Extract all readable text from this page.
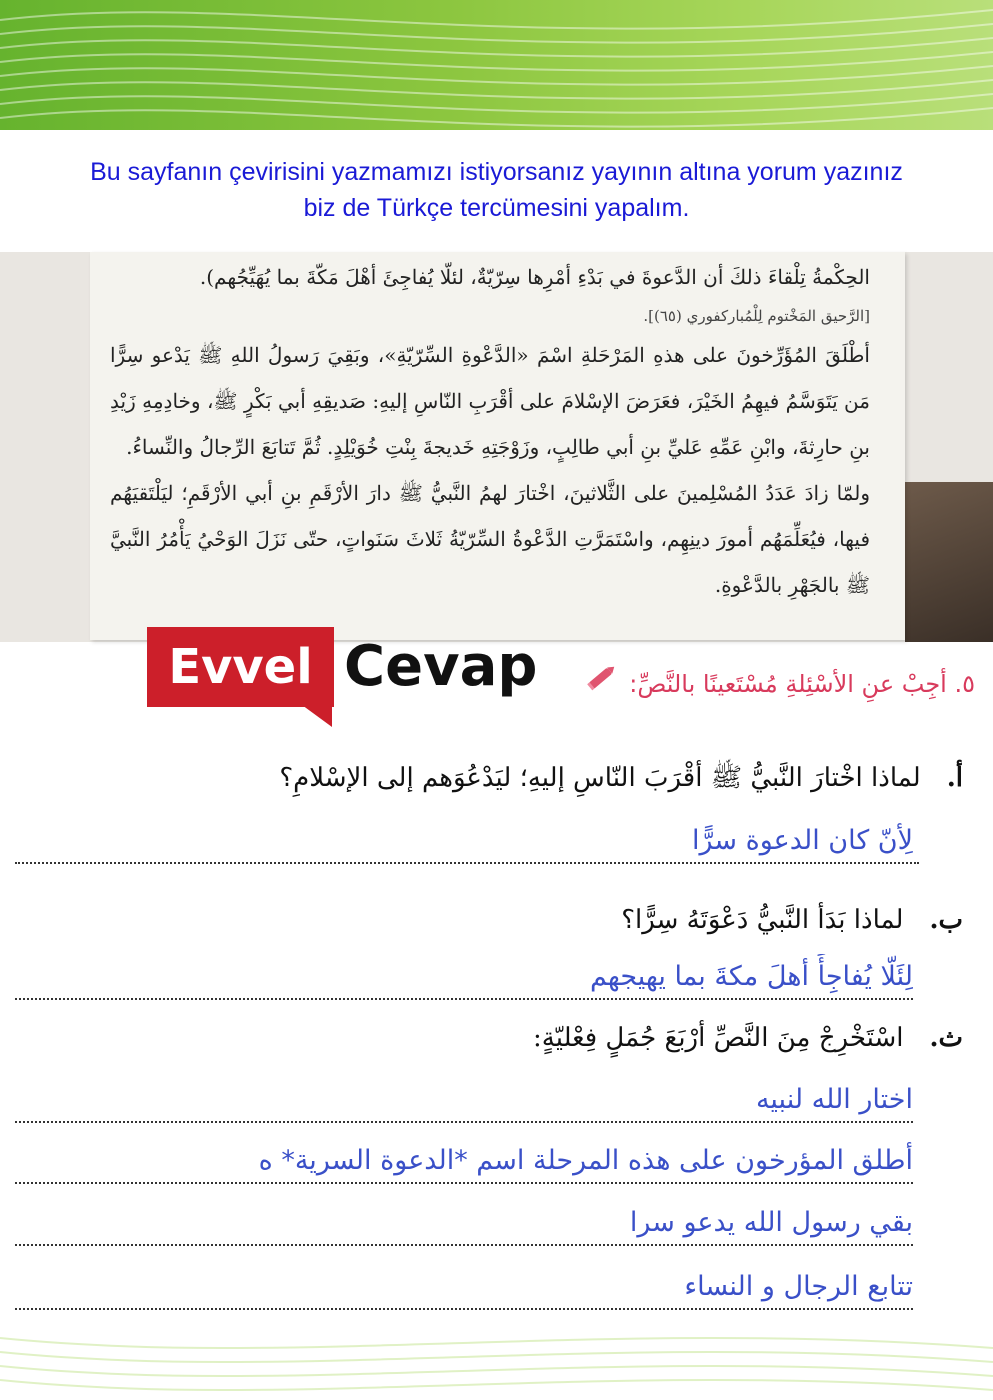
Bu sayfanın çevirisini yazmamızı istiyorsanız yayının altına yorum yazınız
biz de Türkçe tercümesini yapalım.

الحِكْمةُ تِلْقاءَ ذلكَ أن الدَّعوةَ في بَدْءِ أمْرِها سِرّيّةٌ، لئلّا يُفاجِئَ أهْلَ مَكّةَ بما يُهَيِّجُهم).

[الرَّحيق المَخْتوم لِلْمُباركفوري (٦٥)].

أطْلَقَ المُؤَرِّخونَ على هذهِ المَرْحَلةِ اسْمَ «الدَّعْوةِ السِّرّيّةِ»، وبَقِيَ رَسولُ اللهِ ﷺ يَدْعو سِرًّا مَن يَتَوَسَّمُ فيهِمُ الخَيْرَ، فعَرَضَ الإسْلامَ على أقْرَبِ النّاسِ إليهِ: صَديقِهِ أبي بَكْرٍ ﷺ، وخادِمِهِ زَيْدِ بنِ حارِثةَ، وابْنِ عَمِّهِ عَليِّ بنِ أبي طالِبٍ، وزَوْجَتِهِ خَديجةَ بِنْتِ خُوَيْلِدٍ. ثُمَّ تَتابَعَ الرِّجالُ والنِّساءُ.

ولمّا زادَ عَدَدُ المُسْلِمينَ على الثَّلاثينَ، اخْتارَ لهمُ النَّبيُّ ﷺ دارَ الأرْقَمِ بنِ أبي الأرْقَمِ؛ ليَلْتَقيَهُم فيها، فيُعَلِّمَهُم أمورَ دينِهِم، واسْتَمَرَّتِ الدَّعْوةُ السِّرّيّةُ ثَلاثَ سَنَواتٍ، حتّى نَزَلَ الوَحْيُ يَأْمُرُ النَّبيَّ ﷺ بالجَهْرِ بالدَّعْوةِ.

Evvel Cevap	٥. أجِبْ عنِ الأسْئِلةِ مُسْتَعينًا بالنَّصِّ:
أ.
لماذا اخْتارَ النَّبيُّ ﷺ أقْرَبَ النّاسِ إليهِ؛ ليَدْعُوَهم إلى الإسْلامِ؟
لِأنّ كان الدعوة سرًّا
ب.
لماذا بَدَأ النَّبيُّ دَعْوَتَهُ سِرًّا؟
لِئَلّا يُفاجِأَ أهلَ مكةَ بما يهيجهم
ث.
اسْتَخْرِجْ مِنَ النَّصِّ أرْبَعَ جُمَلٍ فِعْليّةٍ:
اختار الله لنبيه
أطلق المؤرخون على هذه المرحلة اسم *الدعوة السرية* ه
بقي رسول الله يدعو سرا
تتابع الرجال و النساء
